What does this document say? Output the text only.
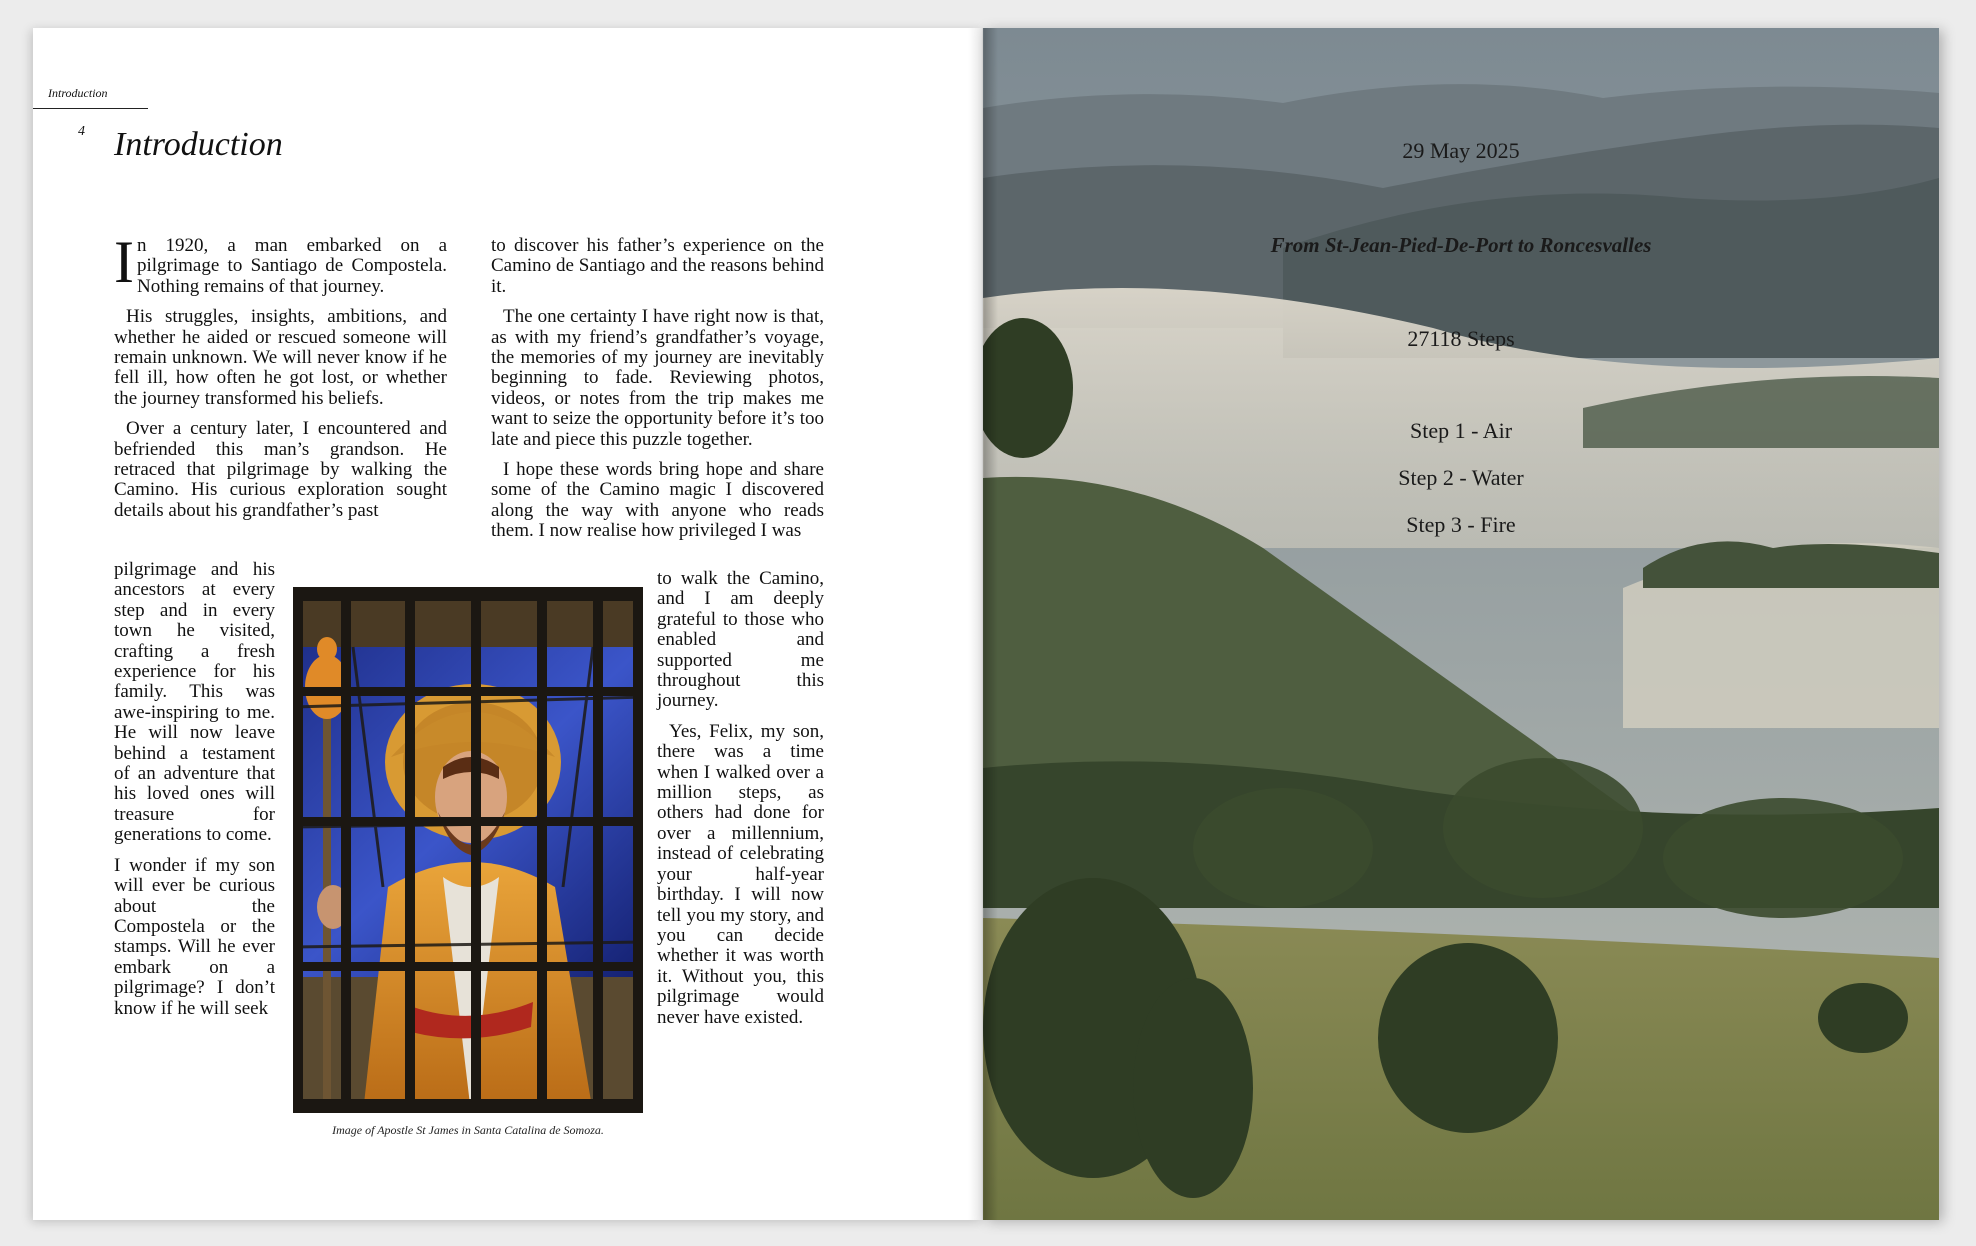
Introduction
4 Introduction

In 1920, a man embarked on a pilgrimage to Santiago de Compostela. Nothing remains of that journey.

His struggles, insights, ambitions, and whether he aided or rescued someone will remain unknown. We will never know if he fell ill, how often he got lost, or whether the journey transformed his beliefs.

Over a century later, I encountered and befriended this man’s grandson. He retraced that pilgrimage by walking the Camino. His curious exploration sought details about his grandfather’s past

pilgrimage and his ancestors at every step and in every town he visited, crafting a fresh experience for his family. This was awe-inspiring to me. He will now leave behind a testament of an adventure that his loved ones will treasure for generations to come.

I wonder if my son will ever be curious about the Compostela or the stamps. Will he ever embark on a pilgrimage? I don’t know if he will seek

to discover his father’s experience on the Camino de Santiago and the reasons behind it.

The one certainty I have right now is that, as with my friend’s grandfather’s voyage, the memories of my journey are inevitably beginning to fade. Reviewing photos, videos, or notes from the trip makes me want to seize the opportunity before it’s too late and piece this puzzle together.

I hope these words bring hope and share some of the Camino magic I discovered along the way with anyone who reads them. I now realise how privileged I was

to walk the Camino, and I am deeply grateful to those who enabled and supported me throughout this journey.

Yes, Felix, my son, there was a time when I walked over a million steps, as others had done for over a millennium, instead of celebrating your half-year birthday. I will now tell you my story, and you can decide whether it was worth it. Without you, this pilgrimage would never have existed.

Image of Apostle St James in Santa Catalina de Somoza.
29 May 2025
From St-Jean-Pied-De-Port to Roncesvalles
27118 Steps
Step 1 - Air
Step 2 - Water
Step 3 - Fire
